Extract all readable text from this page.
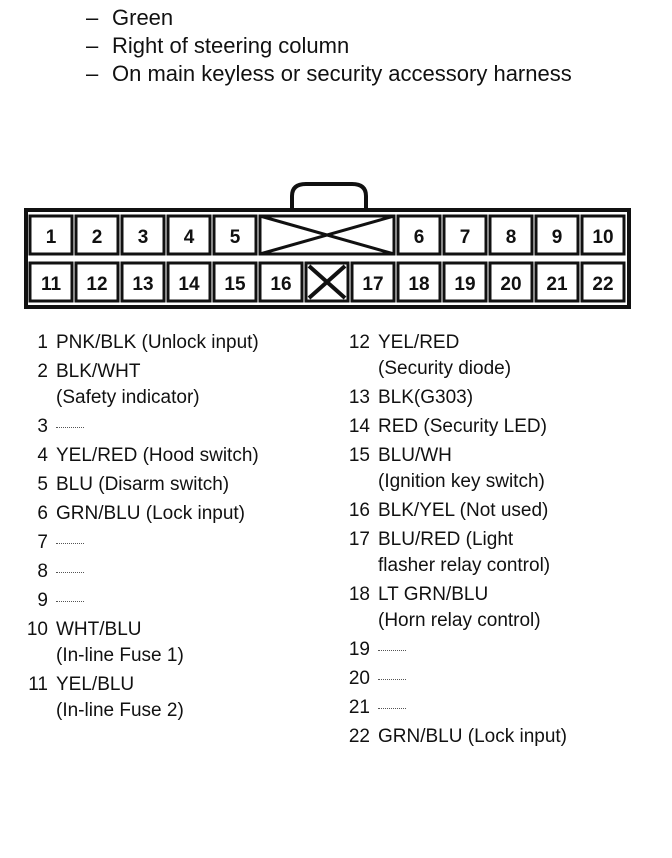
– Green
– Right of steering column
– On main keyless or security accessory harness
1 2 3 4 5	6 7 8 9 10
11 12 13 14 15 16	17 18 19 20 21 22
1 PNK/BLK (Unlock input)
2 BLK/WHT
(Safety indicator)
3
4 YEL/RED (Hood switch)
5 BLU (Disarm switch)
6 GRN/BLU (Lock input)
7
8
9
10 WHT/BLU
(In-line Fuse 1)
11 YEL/BLU
(In-line Fuse 2)
12 YEL/RED
(Security diode)
13 BLK(G303)
14 RED (Security LED)
15 BLU/WH
(Ignition key switch)
16 BLK/YEL (Not used)
17 BLU/RED (Light
flasher relay control)
18 LT GRN/BLU
(Horn relay control)
19
20
21
22 GRN/BLU (Lock input)
